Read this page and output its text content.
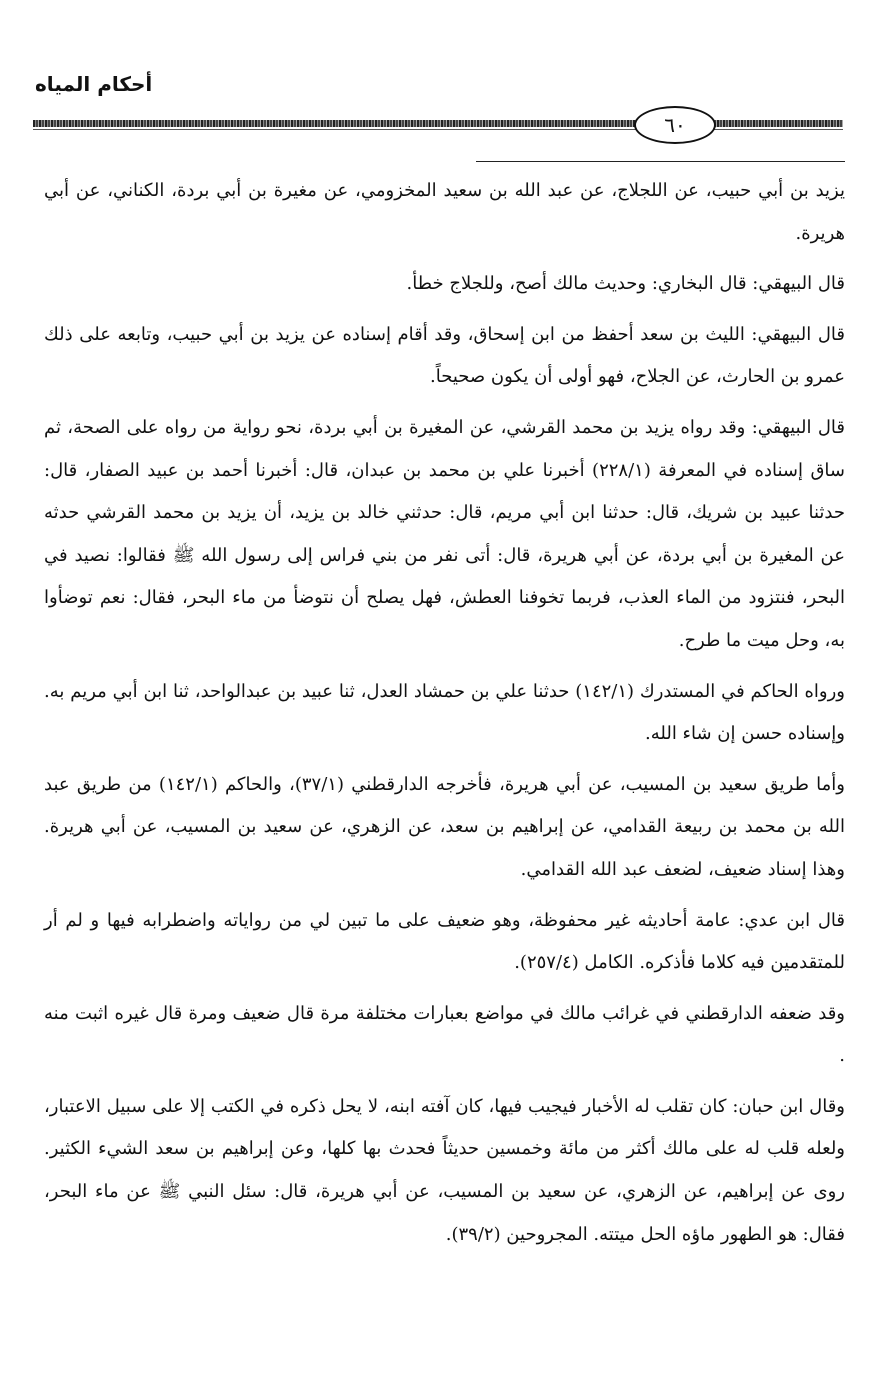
أحكام المياه
٦٠

يزيد بن أبي حبيب، عن اللجلاج، عن عبد الله بن سعيد المخزومي، عن مغيرة بن أبي بردة، الكناني، عن أبي هريرة.

قال البيهقي: قال البخاري: وحديث مالك أصح، وللجلاج خطأ.

قال البيهقي: الليث بن سعد أحفظ من ابن إسحاق، وقد أقام إسناده عن يزيد بن أبي حبيب، وتابعه على ذلك عمرو بن الحارث، عن الجلاح، فهو أولى أن يكون صحيحاً.

قال البيهقي: وقد رواه يزيد بن محمد القرشي، عن المغيرة بن أبي بردة، نحو رواية من رواه على الصحة، ثم ساق إسناده في المعرفة (٢٢٨/١) أخبرنا علي بن محمد بن عبدان، قال: أخبرنا أحمد بن عبيد الصفار، قال: حدثنا عبيد بن شريك، قال: حدثنا ابن أبي مريم، قال: حدثني خالد بن يزيد، أن يزيد بن محمد القرشي حدثه عن المغيرة بن أبي بردة، عن أبي هريرة، قال: أتى نفر من بني فراس إلى رسول الله ﷺ فقالوا: نصيد في البحر، فنتزود من الماء العذب، فربما تخوفنا العطش، فهل يصلح أن نتوضأ من ماء البحر، فقال: نعم توضأوا به، وحل ميت ما طرح.

ورواه الحاكم في المستدرك (١٤٢/١) حدثنا علي بن حمشاد العدل، ثنا عبيد بن عبدالواحد، ثنا ابن أبي مريم به. وإسناده حسن إن شاء الله.

وأما طريق سعيد بن المسيب، عن أبي هريرة، فأخرجه الدارقطني (٣٧/١)، والحاكم (١٤٢/١) من طريق عبد الله بن محمد بن ربيعة القدامي، عن إبراهيم بن سعد، عن الزهري، عن سعيد بن المسيب، عن أبي هريرة. وهذا إسناد ضعيف، لضعف عبد الله القدامي.

قال ابن عدي: عامة أحاديثه غير محفوظة، وهو ضعيف على ما تبين لي من رواياته واضطرابه فيها و لم أر للمتقدمين فيه كلاما فأذكره. الكامل (٢٥٧/٤).

وقد ضعفه الدارقطني في غرائب مالك في مواضع بعبارات مختلفة مرة قال ضعيف ومرة قال غيره اثبت منه .

وقال ابن حبان: كان تقلب له الأخبار فيجيب فيها، كان آفته ابنه، لا يحل ذكره في الكتب إلا على سبيل الاعتبار، ولعله قلب له على مالك أكثر من مائة وخمسين حديثاً فحدث بها كلها، وعن إبراهيم بن سعد الشيء الكثير. روى عن إبراهيم، عن الزهري، عن سعيد بن المسيب، عن أبي هريرة، قال: سئل النبي ﷺ عن ماء البحر، فقال: هو الطهور ماؤه الحل ميتته. المجروحين (٣٩/٢).
